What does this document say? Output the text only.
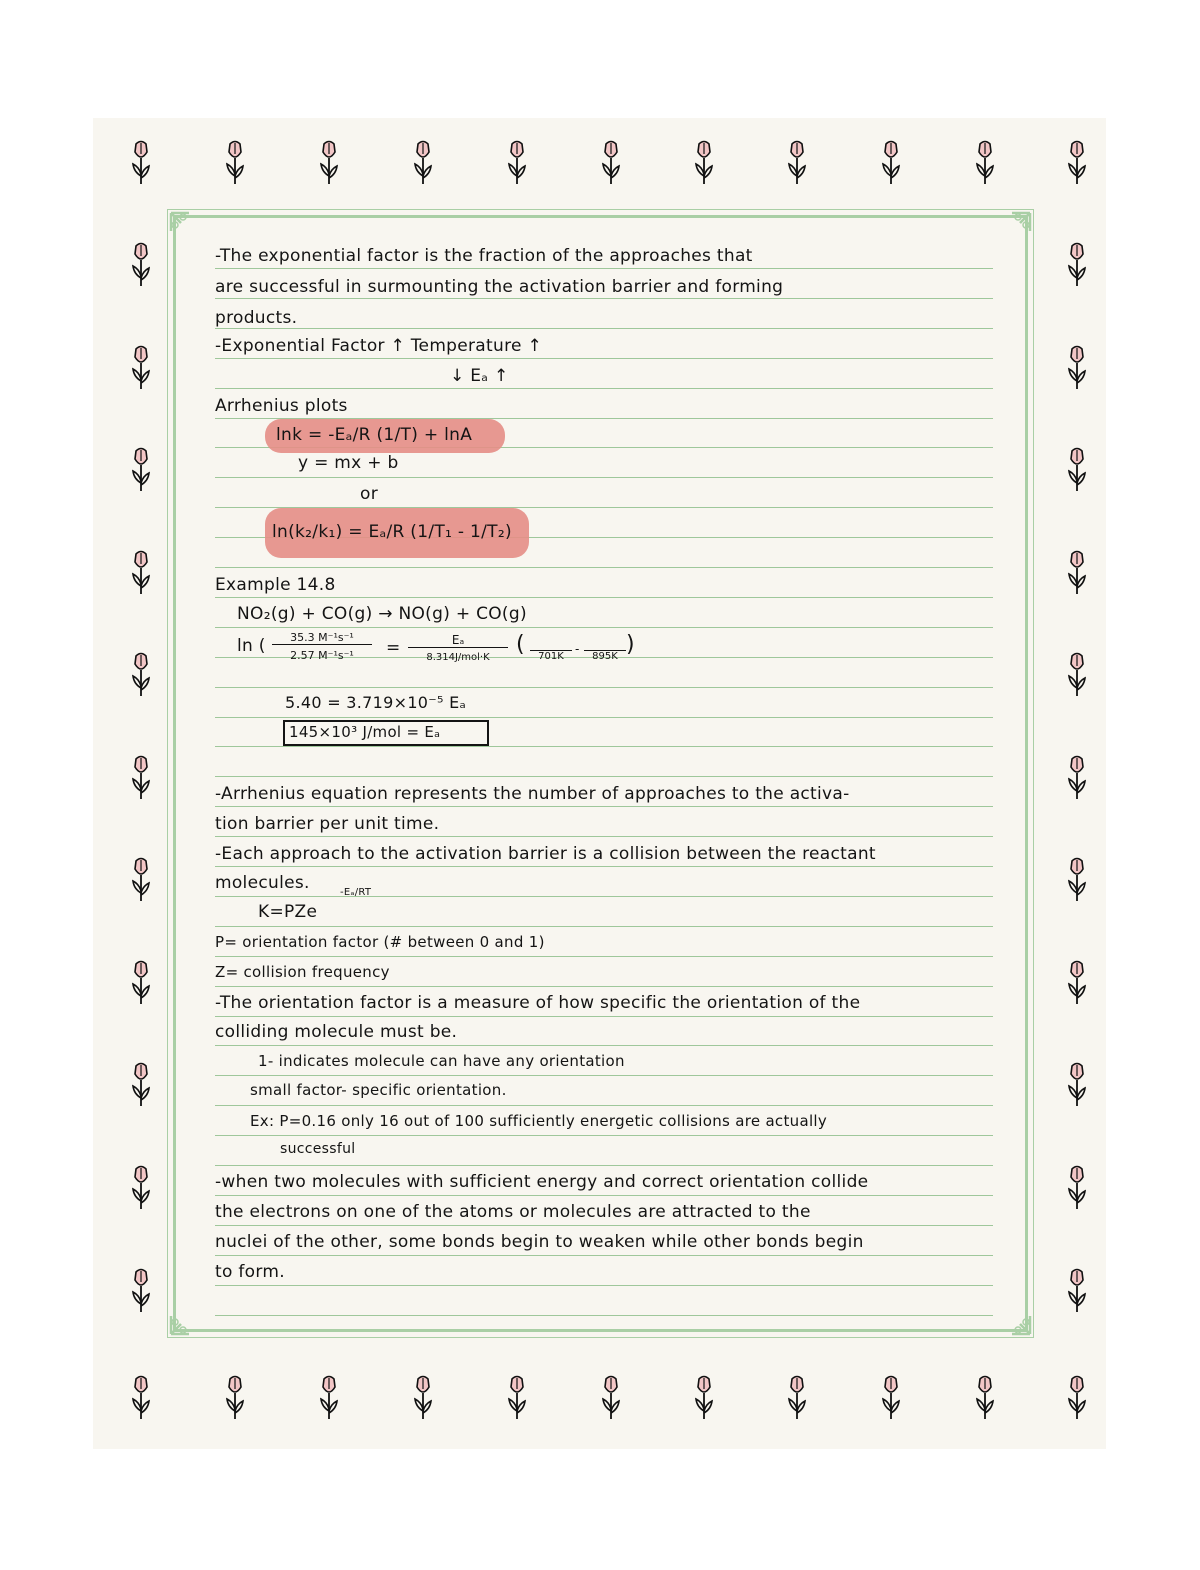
-The exponential factor is the fraction of the approaches that
are successful in surmounting the activation barrier and forming
products.
-Exponential Factor ↑ Temperature ↑
↓ Eₐ ↑
Arrhenius plots
lnk = -Eₐ/R (1/T) + lnA
y = mx + b
or
ln(k₂/k₁) = Eₐ/R (1/T₁ - 1/T₂)
Example 14.8
NO₂(g) + CO(g) → NO(g) + CO(g)
ln (	35.3 M⁻¹s⁻¹
2.57 M⁻¹s⁻¹	=	Eₐ
8.314J/mol·K
(	701K
-
895K )
5.40 = 3.719×10⁻⁵ Eₐ
145×10³ J/mol = Eₐ
-Arrhenius equation represents the number of approaches to the activa-
tion barrier per unit time.
-Each approach to the activation barrier is a collision between the reactant
molecules.
K=PZe
-Eₐ/RT
P= orientation factor (# between 0 and 1)
Z= collision frequency
-The orientation factor is a measure of how specific the orientation of the
colliding molecule must be.
1- indicates molecule can have any orientation
small factor- specific orientation.
Ex: P=0.16 only 16 out of 100 sufficiently energetic collisions are actually
successful
-when two molecules with sufficient energy and correct orientation collide
the electrons on one of the atoms or molecules are attracted to the
nuclei of the other, some bonds begin to weaken while other bonds begin
to form.
